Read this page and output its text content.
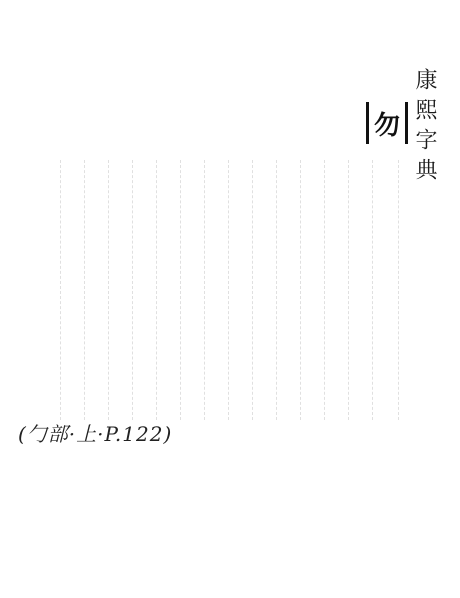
康熙字典
勿
(勹部·上·P.122)
